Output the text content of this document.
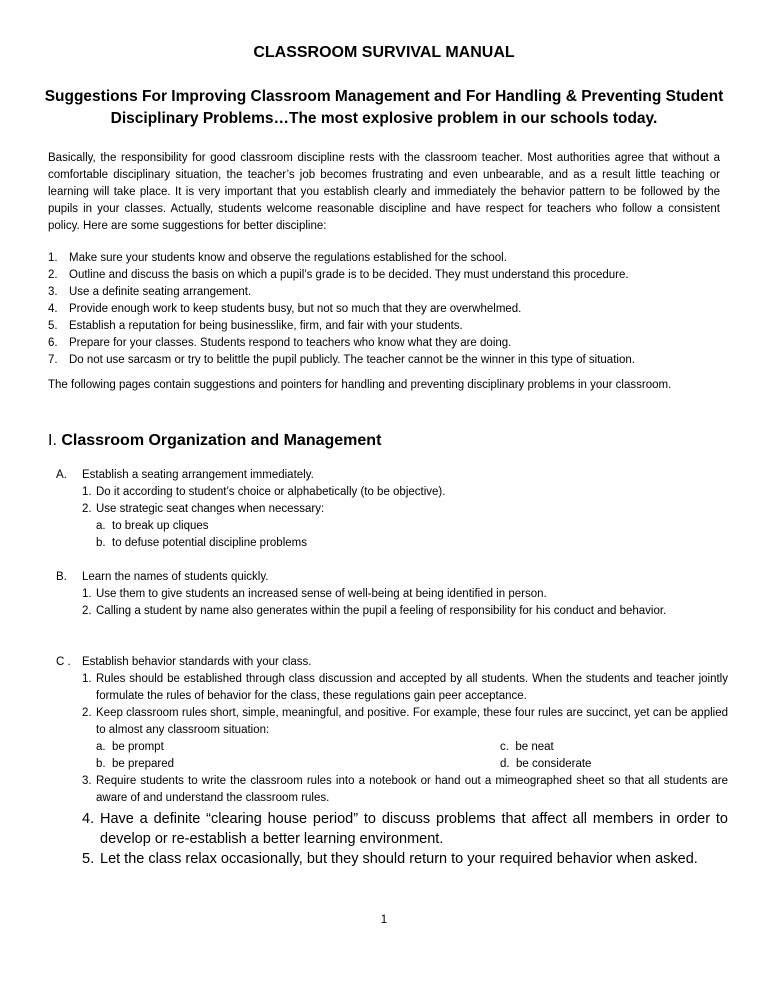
CLASSROOM SURVIVAL MANUAL
Suggestions For Improving Classroom Management and For Handling & Preventing Student Disciplinary Problems…The most explosive problem in our schools today.

Basically, the responsibility for good classroom discipline rests with the classroom teacher. Most authorities agree that without a comfortable disciplinary situation, the teacher’s job becomes frustrating and even unbearable, and as a result little teaching or learning will take place. It is very important that you establish clearly and immediately the behavior pattern to be followed by the pupils in your classes. Actually, students welcome reasonable discipline and have respect for teachers who follow a consistent policy. Here are some suggestions for better discipline:

1. Make sure your students know and observe the regulations established for the school.
2. Outline and discuss the basis on which a pupil’s grade is to be decided. They must understand this procedure.
3. Use a definite seating arrangement.
4. Provide enough work to keep students busy, but not so much that they are overwhelmed.
5. Establish a reputation for being businesslike, firm, and fair with your students.
6. Prepare for your classes. Students respond to teachers who know what they are doing.
7. Do not use sarcasm or try to belittle the pupil publicly. The teacher cannot be the winner in this type of situation.

The following pages contain suggestions and pointers for handling and preventing disciplinary problems in your classroom.

I. Classroom Organization and Management
A. Establish a seating arrangement immediately.
1. Do it according to student’s choice or alphabetically (to be objective).
2. Use strategic seat changes when necessary:
a. to break up cliques
b. to defuse potential discipline problems
B. Learn the names of students quickly.
1. Use them to give students an increased sense of well-being at being identified in person.
2. Calling a student by name also generates within the pupil a feeling of responsibility for his conduct and behavior.
C . Establish behavior standards with your class.
1. Rules should be established through class discussion and accepted by all students. When the students and teacher jointly formulate the rules of behavior for the class, these regulations gain peer acceptance.
2. Keep classroom rules short, simple, meaningful, and positive. For example, these four rules are succinct, yet can be applied to almost any classroom situation:
a. be prompt	c. be neat
b. be prepared	d. be considerate
3. Require students to write the classroom rules into a notebook or hand out a mimeographed sheet so that all students are aware of and understand the classroom rules.
4. Have a definite “clearing house period” to discuss problems that affect all members in order to develop or re-establish a better learning environment.
5. Let the class relax occasionally, but they should return to your required behavior when asked.

1
